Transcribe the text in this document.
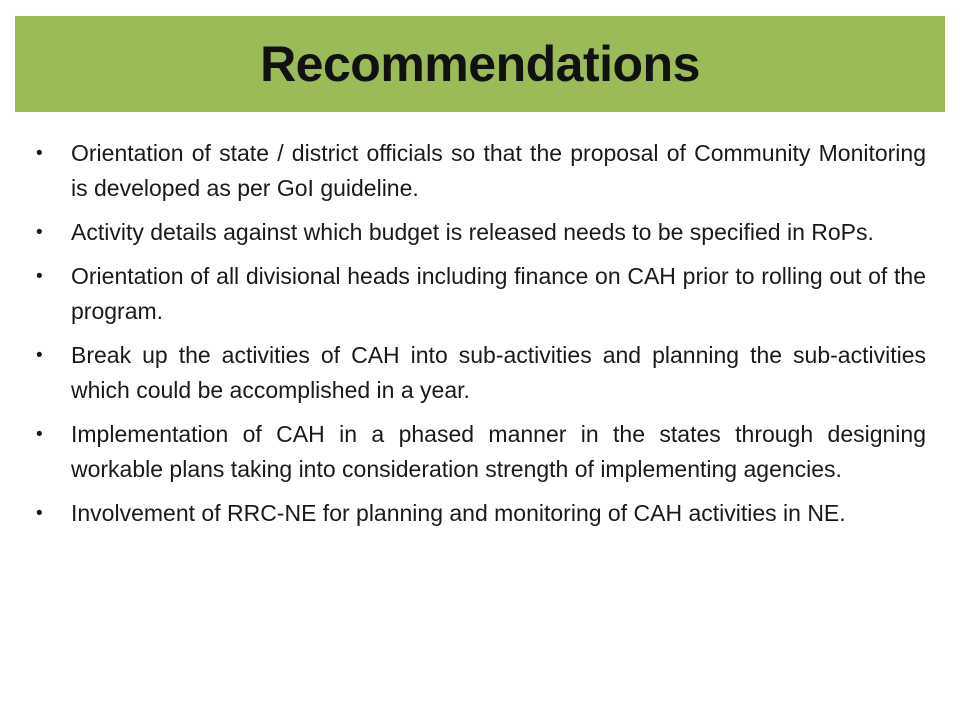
Recommendations
• Orientation of state / district officials so that the proposal of Community Monitoring is developed as per GoI guideline.
• Activity details against which budget is released needs to be specified in RoPs.
• Orientation of all divisional heads including finance on CAH prior to rolling out of the program.
• Break up the activities of CAH into sub-activities and planning the sub-activities which could be accomplished in a year.
• Implementation of CAH in a phased manner in the states through designing workable plans taking into consideration strength of implementing agencies.
• Involvement of RRC-NE for planning and monitoring of CAH activities in NE.
